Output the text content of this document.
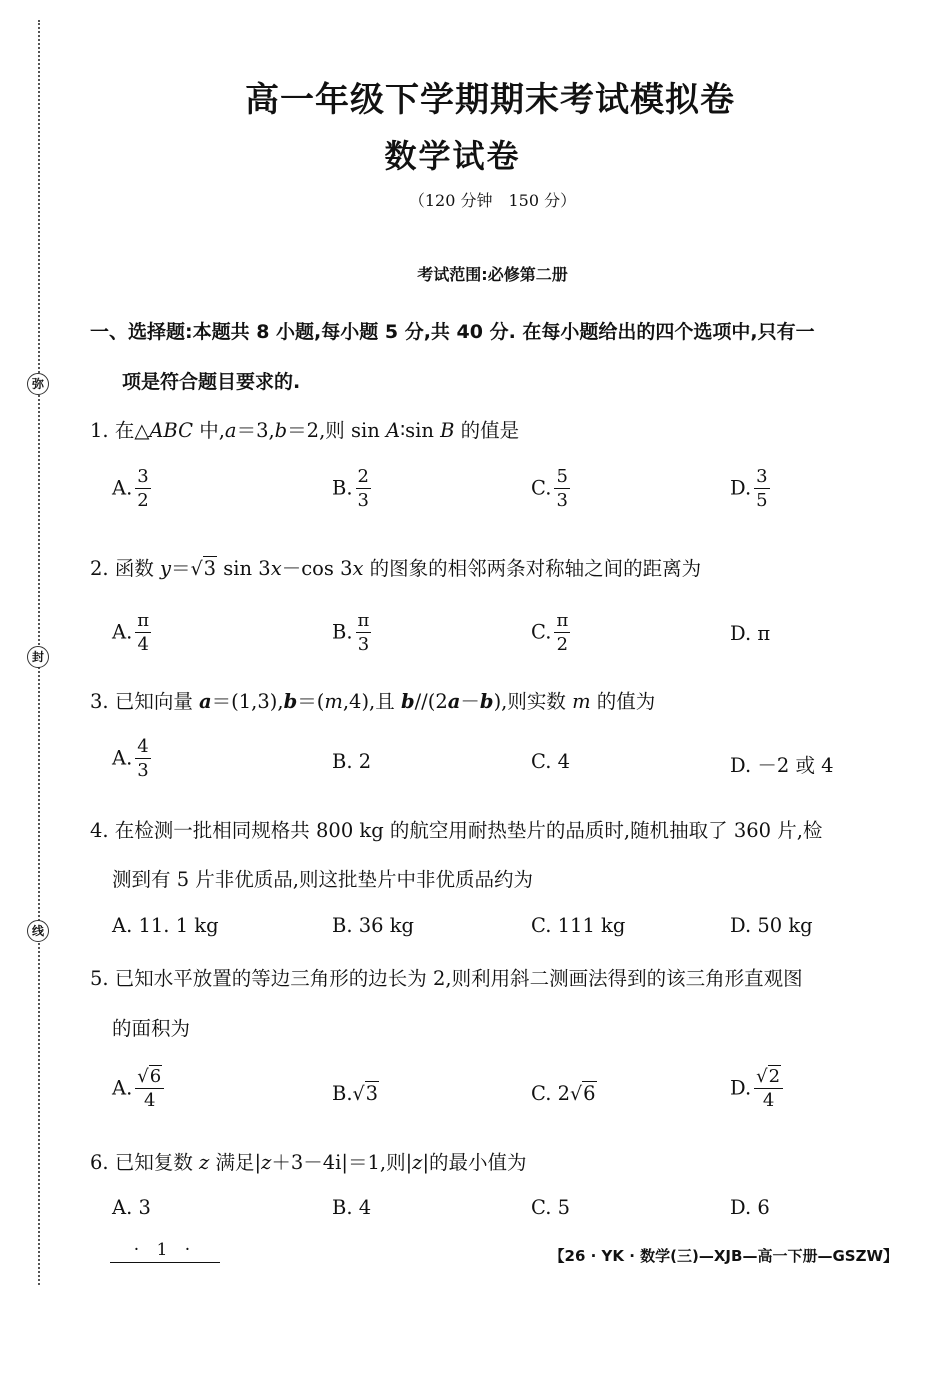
弥
封
线
高一年级下学期期末考试模拟卷
数学试卷
（120 分钟　150 分）
考试范围:必修第二册
一、选择题:本题共 8 小题,每小题 5 分,共 40 分. 在每小题给出的四个选项中,只有一
项是符合题目要求的.
1. 在△ABC 中,a＝3,b＝2,则 sin A∶sin B 的值是
A. $\frac{3}{2}$	B. $\frac{2}{3}$	C. $\frac{5}{3}$	D. $\frac{3}{5}$
2. 函数 y＝√3 sin 3x－cos 3x 的图象的相邻两条对称轴之间的距离为
A. $\frac{\pi}{4}$	B. $\frac{\pi}{3}$	C. $\frac{\pi}{2}$	D. π
3. 已知向量 a＝(1,3),b＝(m,4),且 b//(2a－b),则实数 m 的值为
A. $\frac{4}{3}$	B. 2	C. 4	D. －2 或 4
4. 在检测一批相同规格共 800 kg 的航空用耐热垫片的品质时,随机抽取了 360 片,检
测到有 5 片非优质品,则这批垫片中非优质品约为
A. 11. 1 kg	B. 36 kg	C. 111 kg	D. 50 kg
5. 已知水平放置的等边三角形的边长为 2,则利用斜二测画法得到的该三角形直观图
的面积为
A. $\frac{√6}{4}$	B.√3	C. 2√6	D. $\frac{√2}{4}$
6. 已知复数 z 满足|z＋3－4i|＝1,则|z|的最小值为
A. 3	B. 4	C. 5	D. 6
· 1 ·	【26 · YK · 数学(三)—XJB—高一下册—GSZW】
